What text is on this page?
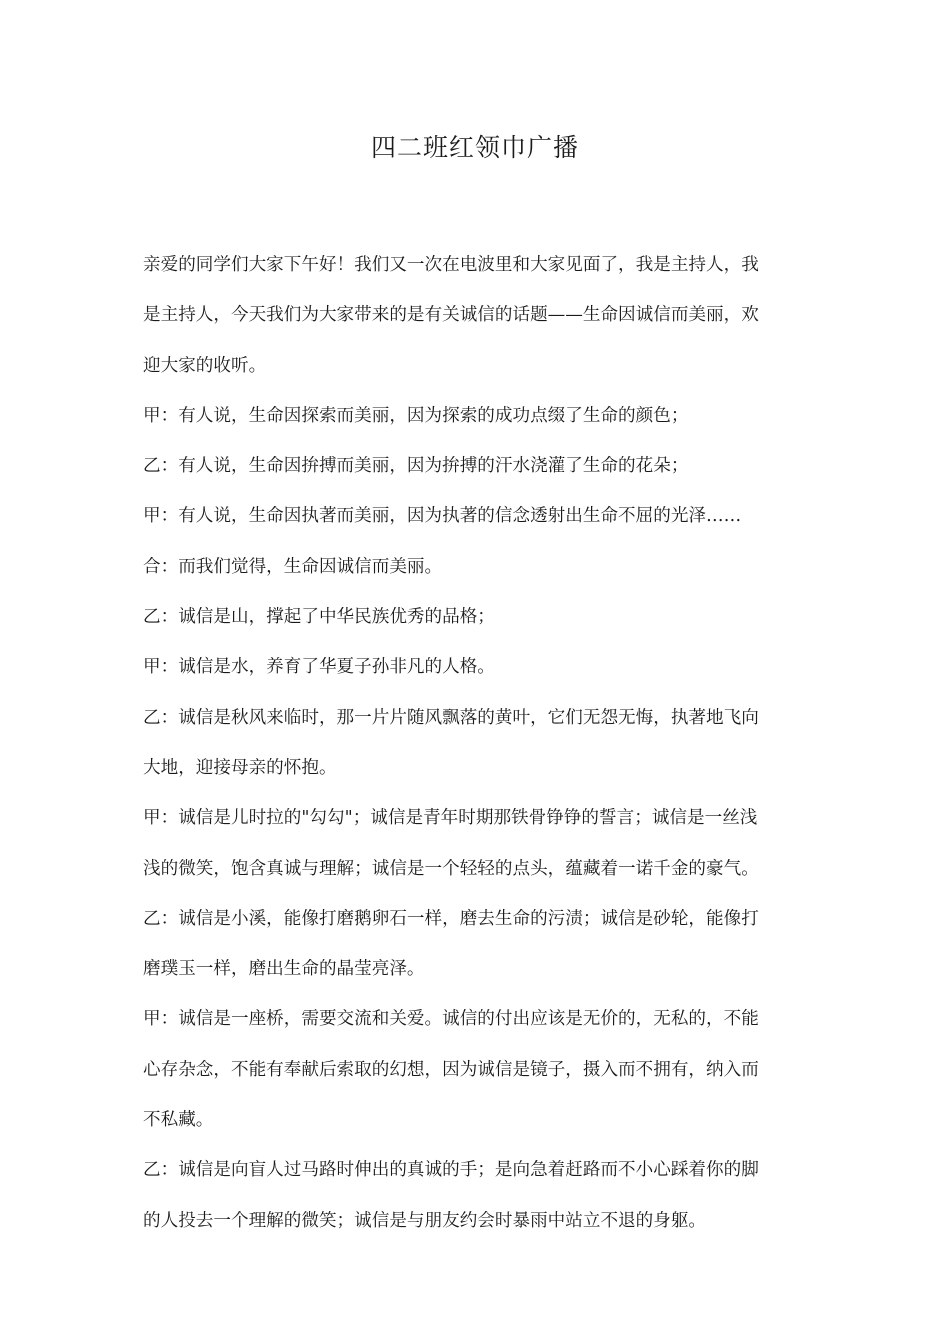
四二班红领巾广播

亲爱的同学们大家下午好！我们又一次在电波里和大家见面了，我是主持人，我
是主持人，今天我们为大家带来的是有关诚信的话题——生命因诚信而美丽，欢
迎大家的收听。

甲：有人说，生命因探索而美丽，因为探索的成功点缀了生命的颜色；

乙：有人说，生命因拚搏而美丽，因为拚搏的汗水浇灌了生命的花朵；

甲：有人说，生命因执著而美丽，因为执著的信念透射出生命不屈的光泽……

合：而我们觉得，生命因诚信而美丽。

乙：诚信是山，撑起了中华民族优秀的品格；

甲：诚信是水，养育了华夏子孙非凡的人格。

乙：诚信是秋风来临时，那一片片随风飘落的黄叶，它们无怨无悔，执著地飞向
大地，迎接母亲的怀抱。

甲：诚信是儿时拉的"勾勾"；诚信是青年时期那铁骨铮铮的誓言；诚信是一丝浅
浅的微笑，饱含真诚与理解；诚信是一个轻轻的点头，蕴藏着一诺千金的豪气。

乙：诚信是小溪，能像打磨鹅卵石一样，磨去生命的污渍；诚信是砂轮，能像打
磨璞玉一样，磨出生命的晶莹亮泽。

甲：诚信是一座桥，需要交流和关爱。诚信的付出应该是无价的，无私的，不能
心存杂念，不能有奉献后索取的幻想，因为诚信是镜子，摄入而不拥有，纳入而
不私藏。

乙：诚信是向盲人过马路时伸出的真诚的手；是向急着赶路而不小心踩着你的脚
的人投去一个理解的微笑；诚信是与朋友约会时暴雨中站立不退的身躯。
